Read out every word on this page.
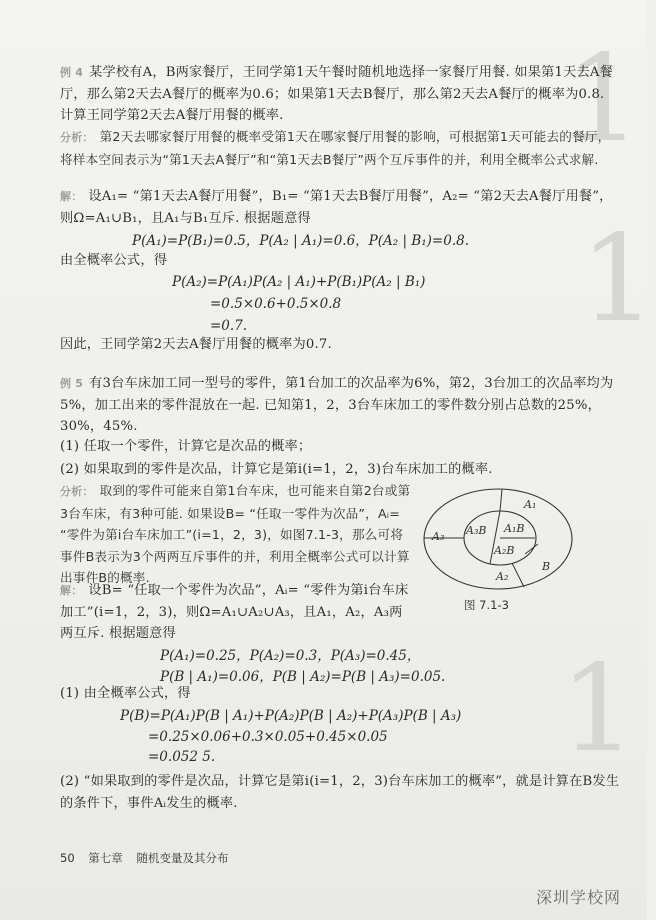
1
1
1

例 4 某学校有A，B两家餐厅，王同学第1天午餐时随机地选择一家餐厅用餐. 如果第1天去A餐厅，那么第2天去A餐厅的概率为0.6；如果第1天去B餐厅，那么第2天去A餐厅的概率为0.8. 计算王同学第2天去A餐厅用餐的概率.

分析： 第2天去哪家餐厅用餐的概率受第1天在哪家餐厅用餐的影响，可根据第1天可能去的餐厅，将样本空间表示为“第1天去A餐厅”和“第1天去B餐厅”两个互斥事件的并，利用全概率公式求解.

解： 设A₁= “第1天去A餐厅用餐”，B₁= “第1天去B餐厅用餐”，A₂= “第2天去A餐厅用餐”，则Ω=A₁∪B₁，且A₁与B₁互斥. 根据题意得

P(A₁)=P(B₁)=0.5，P(A₂ | A₁)=0.6，P(A₂ | B₁)=0.8.

由全概率公式，得

P(A₂)=P(A₁)P(A₂ | A₁)+P(B₁)P(A₂ | B₁)
=0.5×0.6+0.5×0.8
=0.7.

因此，王同学第2天去A餐厅用餐的概率为0.7.

例 5 有3台车床加工同一型号的零件，第1台加工的次品率为6%，第2，3台加工的次品率均为5%，加工出来的零件混放在一起. 已知第1，2，3台车床加工的零件数分别占总数的25%，30%，45%.

(1) 任取一个零件，计算它是次品的概率；

(2) 如果取到的零件是次品，计算它是第i(i=1，2，3)台车床加工的概率.

分析： 取到的零件可能来自第1台车床，也可能来自第2台或第3台车床，有3种可能. 如果设B= “任取一零件为次品”，Aᵢ= “零件为第i台车床加工”(i=1，2，3)，如图7.1-3，那么可将事件B表示为3个两两互斥事件的并，利用全概率公式可以计算出事件B的概率.

解： 设B= “任取一个零件为次品”，Aᵢ= “零件为第i台车床加工”(i=1，2，3)，则Ω=A₁∪A₂∪A₃，且A₁，A₂，A₃两两互斥. 根据题意得

P(A₁)=0.25，P(A₂)=0.3，P(A₃)=0.45，
P(B | A₁)=0.06，P(B | A₂)=P(B | A₃)=0.05.

(1) 由全概率公式，得

P(B)=P(A₁)P(B | A₁)+P(A₂)P(B | A₂)+P(A₃)P(B | A₃)
=0.25×0.06+0.3×0.05+0.45×0.05
=0.052 5.

(2) “如果取到的零件是次品，计算它是第i(i=1，2，3)台车床加工的概率”，就是计算在B发生的条件下，事件Aᵢ发生的概率.

A₁
A₃ A₃B A₁B
A₂B
B
A₂
图 7.1-3
50 第七章 随机变量及其分布
深圳学校网
